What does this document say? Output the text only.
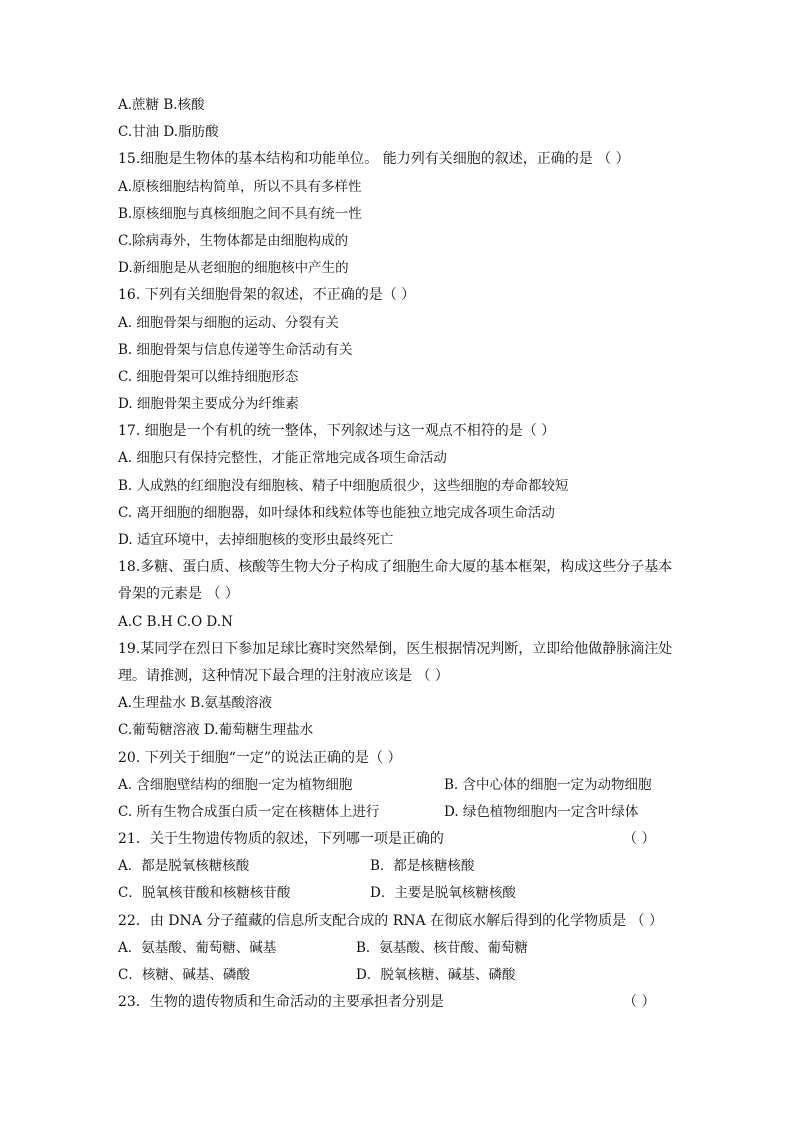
A.蔗糖 B.核酸
C.甘油 D.脂肪酸
15.细胞是生物体的基本结构和功能单位。 能力列有关细胞的叙述，正确的是 （ ）
A.原核细胞结构简单，所以不具有多样性
B.原核细胞与真核细胞之间不具有统一性
C.除病毒外，生物体都是由细胞构成的
D.新细胞是从老细胞的细胞核中产生的
16. 下列有关细胞骨架的叙述，不正确的是（ ）
A. 细胞骨架与细胞的运动、分裂有关
B. 细胞骨架与信息传递等生命活动有关
C. 细胞骨架可以维持细胞形态
D. 细胞骨架主要成分为纤维素
17. 细胞是一个有机的统一整体，下列叙述与这一观点不相符的是（ ）
A. 细胞只有保持完整性，才能正常地完成各项生命活动
B. 人成熟的红细胞没有细胞核、精子中细胞质很少，这些细胞的寿命都较短
C. 离开细胞的细胞器，如叶绿体和线粒体等也能独立地完成各项生命活动
D. 适宜环境中，去掉细胞核的变形虫最终死亡
18.多糖、蛋白质、核酸等生物大分子构成了细胞生命大厦的基本框架，构成这些分子基本
骨架的元素是 （ ）
A.C B.H C.O D.N
19.某同学在烈日下参加足球比赛时突然晕倒，医生根据情况判断，立即给他做静脉滴注处
理。请推测，这种情况下最合理的注射液应该是 （ ）
A.生理盐水 B.氨基酸溶液
C.葡萄糖溶液 D.葡萄糖生理盐水
20. 下列关于细胞“一定”的说法正确的是（ ）
A. 含细胞壁结构的细胞一定为植物细胞	B. 含中心体的细胞一定为动物细胞
C. 所有生物合成蛋白质一定在核糖体上进行	D. 绿色植物细胞内一定含叶绿体
21．关于生物遗传物质的叙述，下列哪一项是正确的	（ ）
A．都是脱氧核糖核酸	B．都是核糖核酸
C．脱氧核苷酸和核糖核苷酸	D．主要是脱氧核糖核酸
22．由 DNA 分子蕴藏的信息所支配合成的 RNA 在彻底水解后得到的化学物质是 （ ）
A．氨基酸、葡萄糖、碱基	B．氨基酸、核苷酸、葡萄糖
C．核糖、碱基、磷酸	D．脱氧核糖、碱基、磷酸
23．生物的遗传物质和生命活动的主要承担者分别是	（ ）
